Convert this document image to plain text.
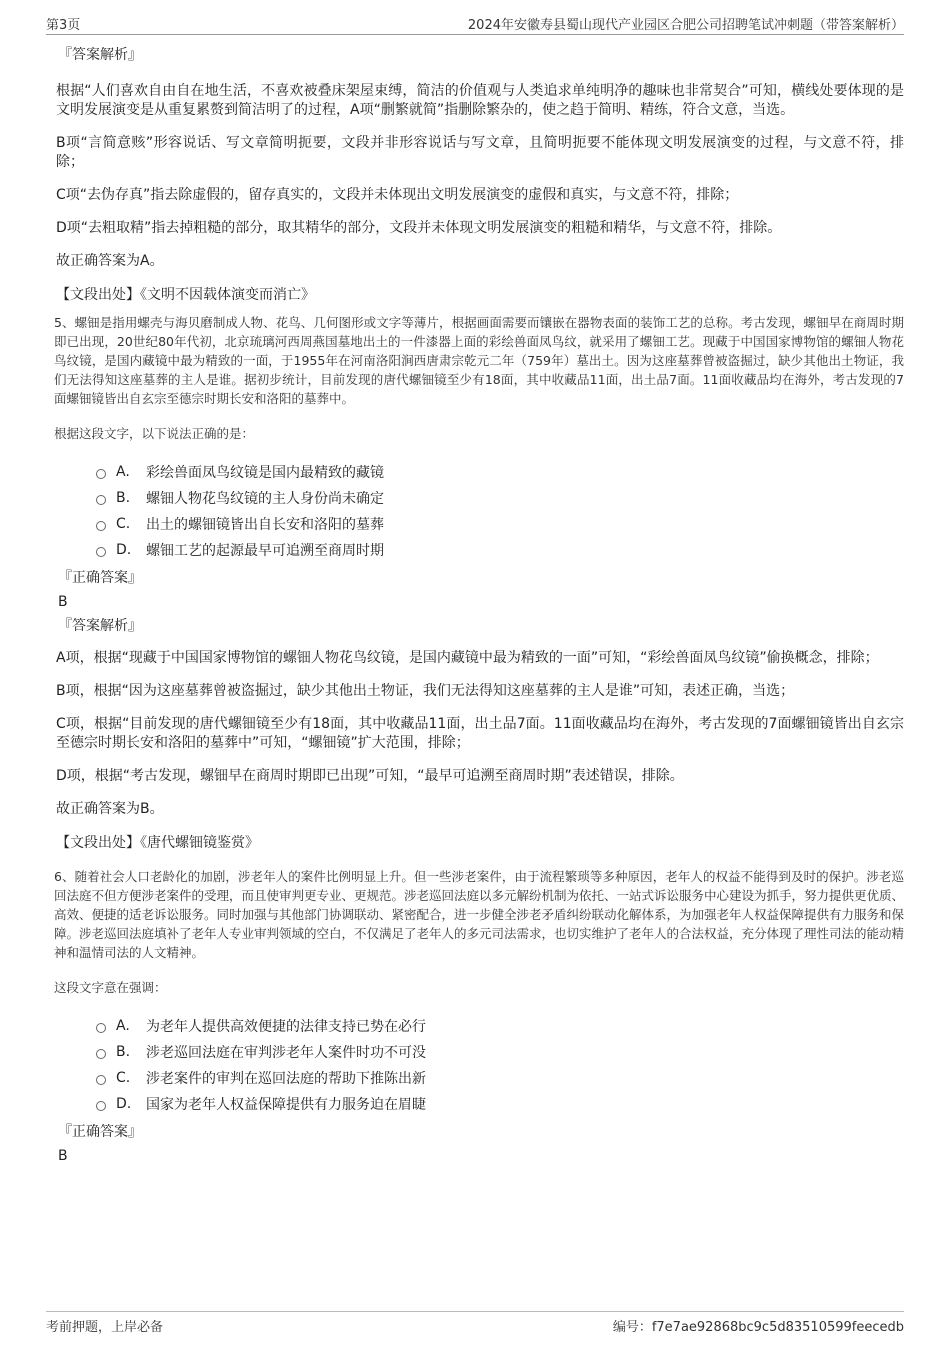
第3页	2024年安徽寿县蜀山现代产业园区合肥公司招聘笔试冲刺题（带答案解析）
『答案解析』

根据“人们喜欢自由自在地生活，不喜欢被叠床架屋束缚，简洁的价值观与人类追求单纯明净的趣味也非常契合”可知，横线处要体现的是文明发展演变是从重复累赘到简洁明了的过程，A项“删繁就简”指删除繁杂的，使之趋于简明、精练，符合文意，当选。

B项“言简意赅”形容说话、写文章简明扼要，文段并非形容说话与写文章，且简明扼要不能体现文明发展演变的过程，与文意不符，排除；

C项“去伪存真”指去除虚假的，留存真实的，文段并未体现出文明发展演变的虚假和真实，与文意不符，排除；

D项“去粗取精”指去掉粗糙的部分，取其精华的部分，文段并未体现文明发展演变的粗糙和精华，与文意不符，排除。

故正确答案为A。

【文段出处】《文明不因载体演变而消亡》

5、螺钿是指用螺壳与海贝磨制成人物、花鸟、几何图形或文字等薄片，根据画面需要而镶嵌在器物表面的装饰工艺的总称。考古发现，螺钿早在商周时期即已出现，20世纪80年代初，北京琉璃河西周燕国墓地出土的一件漆器上面的彩绘兽面凤鸟纹，就采用了螺钿工艺。现藏于中国国家博物馆的螺钿人物花鸟纹镜，是国内藏镜中最为精致的一面，于1955年在河南洛阳涧西唐肃宗乾元二年（759年）墓出土。因为这座墓葬曾被盗掘过，缺少其他出土物证，我们无法得知这座墓葬的主人是谁。据初步统计，目前发现的唐代螺钿镜至少有18面，其中收藏品11面，出土品7面。11面收藏品均在海外，考古发现的7面螺钿镜皆出自玄宗至德宗时期长安和洛阳的墓葬中。

根据这段文字，以下说法正确的是：

A.	彩绘兽面凤鸟纹镜是国内最精致的藏镜
B.	螺钿人物花鸟纹镜的主人身份尚未确定
C.	出土的螺钿镜皆出自长安和洛阳的墓葬
D.	螺钿工艺的起源最早可追溯至商周时期
『正确答案』
B
『答案解析』

A项，根据“现藏于中国国家博物馆的螺钿人物花鸟纹镜，是国内藏镜中最为精致的一面”可知，“彩绘兽面凤鸟纹镜”偷换概念，排除；

B项，根据“因为这座墓葬曾被盗掘过，缺少其他出土物证，我们无法得知这座墓葬的主人是谁”可知，表述正确，当选；

C项，根据“目前发现的唐代螺钿镜至少有18面，其中收藏品11面，出土品7面。11面收藏品均在海外，考古发现的7面螺钿镜皆出自玄宗至德宗时期长安和洛阳的墓葬中”可知，“螺钿镜”扩大范围，排除；

D项，根据“考古发现，螺钿早在商周时期即已出现”可知，“最早可追溯至商周时期”表述错误，排除。

故正确答案为B。

【文段出处】《唐代螺钿镜鉴赏》

6、随着社会人口老龄化的加剧，涉老年人的案件比例明显上升。但一些涉老案件，由于流程繁琐等多种原因，老年人的权益不能得到及时的保护。涉老巡回法庭不但方便涉老案件的受理，而且使审判更专业、更规范。涉老巡回法庭以多元解纷机制为依托、一站式诉讼服务中心建设为抓手，努力提供更优质、高效、便捷的适老诉讼服务。同时加强与其他部门协调联动、紧密配合，进一步健全涉老矛盾纠纷联动化解体系，为加强老年人权益保障提供有力服务和保障。涉老巡回法庭填补了老年人专业审判领域的空白，不仅满足了老年人的多元司法需求，也切实维护了老年人的合法权益，充分体现了理性司法的能动精神和温情司法的人文精神。

这段文字意在强调：

A.	为老年人提供高效便捷的法律支持已势在必行
B.	涉老巡回法庭在审判涉老年人案件时功不可没
C.	涉老案件的审判在巡回法庭的帮助下推陈出新
D.	国家为老年人权益保障提供有力服务迫在眉睫
『正确答案』
B
考前押题，上岸必备	编号：f7e7ae92868bc9c5d83510599feecedb
